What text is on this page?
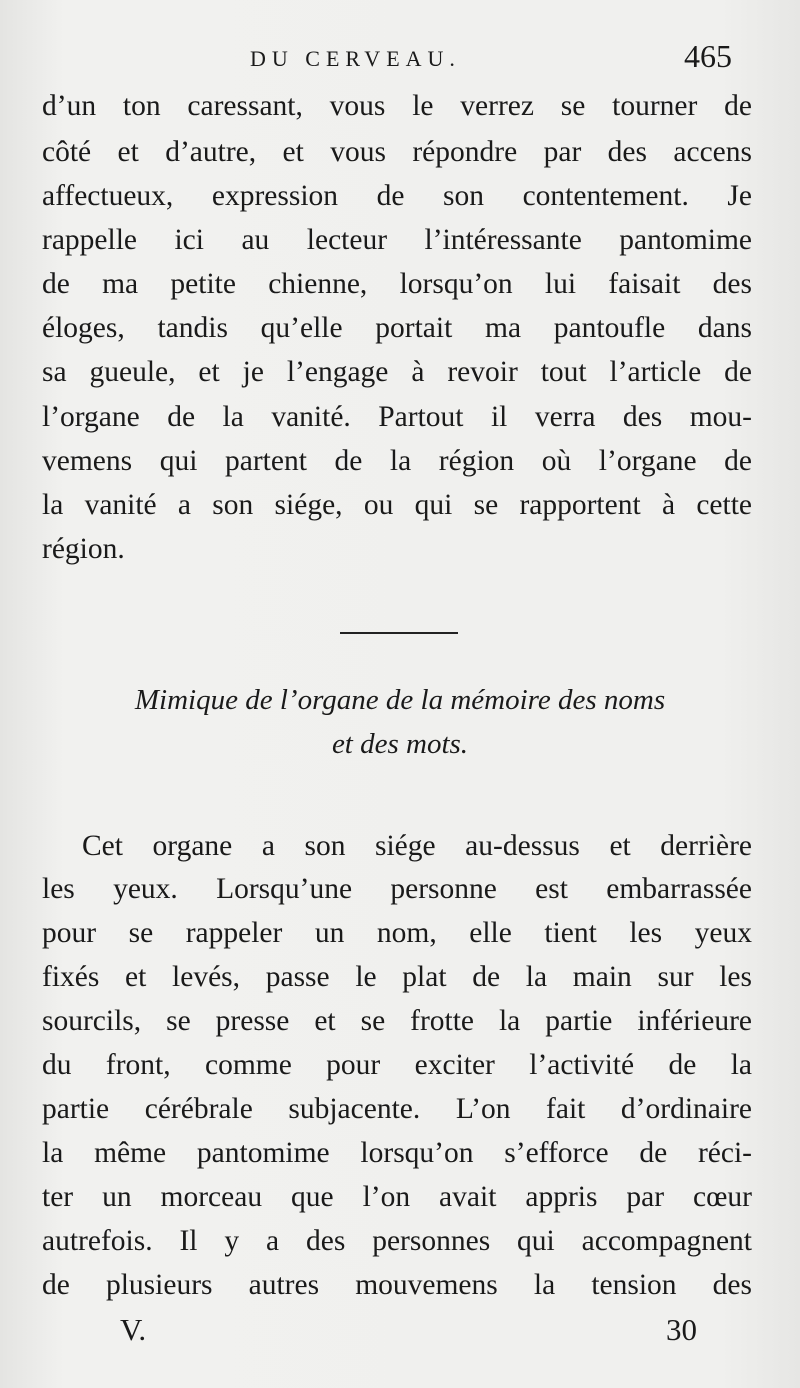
DU CERVEAU.	465
d’un ton caressant, vous le verrez se tourner de
côté et d’autre, et vous répondre par des accens
affectueux, expression de son contentement. Je
rappelle ici au lecteur l’intéressante pantomime
de ma petite chienne, lorsqu’on lui faisait des
éloges, tandis qu’elle portait ma pantoufle dans
sa gueule, et je l’engage à revoir tout l’article de
l’organe de la vanité. Partout il verra des mou-
vemens qui partent de la région où l’organe de
la vanité a son siége, ou qui se rapportent à cette
région.
Mimique de l’organe de la mémoire des noms
et des mots.
Cet organe a son siége au-dessus et derrière
les yeux. Lorsqu’une personne est embarrassée
pour se rappeler un nom, elle tient les yeux
fixés et levés, passe le plat de la main sur les
sourcils, se presse et se frotte la partie inférieure
du front, comme pour exciter l’activité de la
partie cérébrale subjacente. L’on fait d’ordinaire
la même pantomime lorsqu’on s’efforce de réci-
ter un morceau que l’on avait appris par cœur
autrefois. Il y a des personnes qui accompagnent
de plusieurs autres mouvemens la tension des
V.	30
